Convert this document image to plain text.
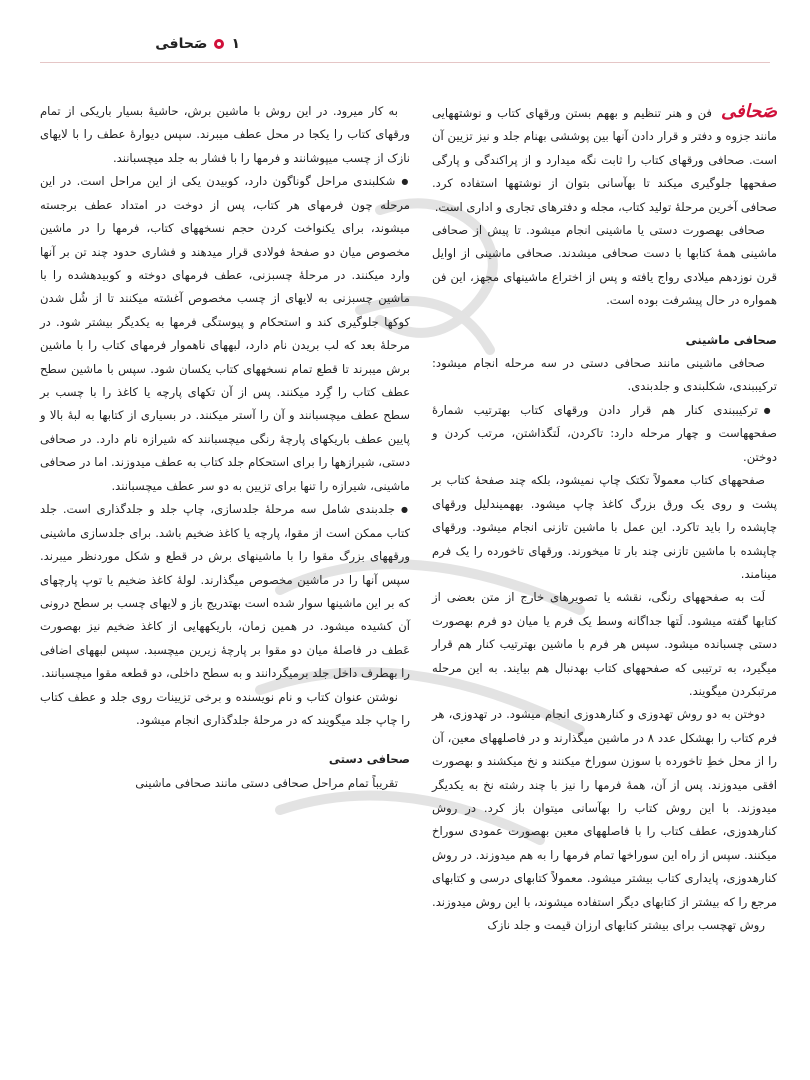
۱
صَحافی

صَحافی فن و هنر تنظیم و بههم بستن ورقهای کتاب و نوشتههایی مانند جزوه و دفتر و قرار دادن آنها بین پوششی بهنام جلد و نیز تزیین آن است. صحافی ورقهای کتاب را ثابت نگه میدارد و از پراکندگی و پارگی صفحهها جلوگیری میکند تا بهآسانی بتوان از نوشتهها استفاده کرد. صحافی آخرین مرحلهٔ تولید کتاب، مجله و دفترهای تجاری و اداری است.

صحافی بهصورت دستی یا ماشینی انجام میشود. تا پیش از صحافی ماشینی همهٔ کتابها با دست صحافی میشدند. صحافی ماشینی از اوایل قرن نوزدهم میلادی رواج یافته و پس از اختراع ماشینهای مجهز، این فن همواره در حال پیشرفت بوده است.

صحافی ماشینی

صحافی ماشینی مانند صحافی دستی در سه مرحله انجام میشود: ترکیببندی، شکلبندی و جلدبندی.

● ترکیببندی کنار هم قرار دادن ورقهای کتاب بهترتیب شمارهٔ صفحههاست و چهار مرحله دارد: تاکردن، لَتگذاشتن، مرتب کردن و دوختن.

صفحههای کتاب معمولاً تکتک چاپ نمیشود، بلکه چند صفحهٔ کتاب بر پشت و روی یک ورق بزرگ کاغذ چاپ میشود. بههمیندلیل ورقهای چاپشده را باید تاکرد. این عمل با ماشین تازنی انجام میشود. ورقهای چاپشده با ماشین تازنی چند بار تا میخورند. ورقهای تاخورده را یک فرم مینامند.

لَت به صفحههای رنگی، نقشه یا تصویرهای خارج از متن بعضی از کتابها گفته میشود. لَتها جداگانه وسط یک فرم یا میان دو فرم بهصورت دستی چسبانده میشود. سپس هر فرم با ماشین بهترتیب کنار هم قرار میگیرد، به ترتیبی که صفحههای کتاب بهدنبال هم بیایند. به این مرحله مرتبکردن میگویند.

دوختن به دو روش تهدوزی و کنارهدوزی انجام میشود. در تهدوزی، هر فرم کتاب را بهشکل عدد ۸ در ماشین میگذارند و در فاصلههای معین، آن را از محل خطِ تاخورده با سوزن سوراخ میکنند و نخ میکشند و بهصورت افقی میدوزند. پس از آن، همهٔ فرمها را نیز با چند رشته نخ به یکدیگر میدوزند. با این روش کتاب را بهآسانی میتوان باز کرد. در روش کنارهدوزی، عطف کتاب را با فاصلههای معین بهصورت عمودی سوراخ میکنند. سپس از راه این سوراخها تمام فرمها را به هم میدوزند. در روش کنارهدوزی، پایداری کتاب بیشتر میشود. معمولاً کتابهای درسی و کتابهای مرجع را که بیشتر از کتابهای دیگر استفاده میشوند، با این روش میدوزند.

روش تهچسب برای بیشتر کتابهای ارزان قیمت و جلد نازک

به کار میرود. در این روش با ماشین برش، حاشیهٔ بسیار باریکی از تمام ورقهای کتاب را یکجا در محل عطف میبرند. سپس دیوارهٔ عطف را با لایهای نازک از چسب میپوشانند و فرمها را با فشار به جلد میچسبانند.

● شکلبندی مراحل گوناگون دارد، کوبیدن یکی از این مراحل است. در این مرحله چون فرمهای هر کتاب، پس از دوخت در امتداد عطف برجسته میشوند، برای یکنواخت کردن حجم نسخههای کتاب، فرمها را در ماشین مخصوص میان دو صفحهٔ فولادی قرار میدهند و فشاری حدود چند تن بر آنها وارد میکنند. در مرحلهٔ چسبزنی، عطف فرمهای دوخته و کوبیدهشده را با ماشین چسبزنی به لایهای از چسب مخصوص آغشته میکنند تا از شُل شدن کوکها جلوگیری کند و استحکام و پیوستگی فرمها به یکدیگر بیشتر شود. در مرحلهٔ بعد که لب بریدن نام دارد، لبههای ناهموار فرمهای کتاب را با ماشین برش میبرند تا قطع تمام نسخههای کتاب یکسان شود. سپس با ماشین سطح عطف کتاب را گِرد میکنند. پس از آن تکهای پارچه یا کاغذ را با چسب بر سطح عطف میچسبانند و آن را آستر میکنند. در بسیاری از کتابها به لبهٔ بالا و پایین عطف باریکهای پارچهٔ رنگی میچسبانند که شیرازه نام دارد. در صحافی دستی، شیرازهها را برای استحکام جلد کتاب به عطف میدوزند. اما در صحافی ماشینی، شیرازه را تنها برای تزیین به دو سر عطف میچسبانند.

● جلدبندی شامل سه مرحلهٔ جلدسازی، چاپ جلد و جلدگذاری است. جلد کتاب ممکن است از مقوا، پارچه یا کاغذ ضخیم باشد. برای جلدسازی ماشینی ورقههای بزرگ مقوا را با ماشینهای برش در قطع و شکل موردنظر میبرند. سپس آنها را در ماشین مخصوص میگذارند. لولهٔ کاغذ ضخیم یا توپ پارچهای که بر این ماشینها سوار شده است بهتدریج باز و لایهای چسب بر سطح درونی آن کشیده میشود. در همین زمان، باریکههایی از کاغذ ضخیم نیز بهصورت عَطف در فاصلهٔ میان دو مقوا بر پارچهٔ زیرین میچسبد. سپس لبههای اضافی را بهطرف داخل جلد برمیگردانند و به سطح داخلی، دو قطعه مقوا میچسبانند.

نوشتن عنوان کتاب و نام نویسنده و برخی تزیینات روی جلد و عطف کتاب را چاپ جلد میگویند که در مرحلهٔ جلدگذاری انجام میشود.

صحافی دستی

تقریباً تمام مراحل صحافی دستی مانند صحافی ماشینی
